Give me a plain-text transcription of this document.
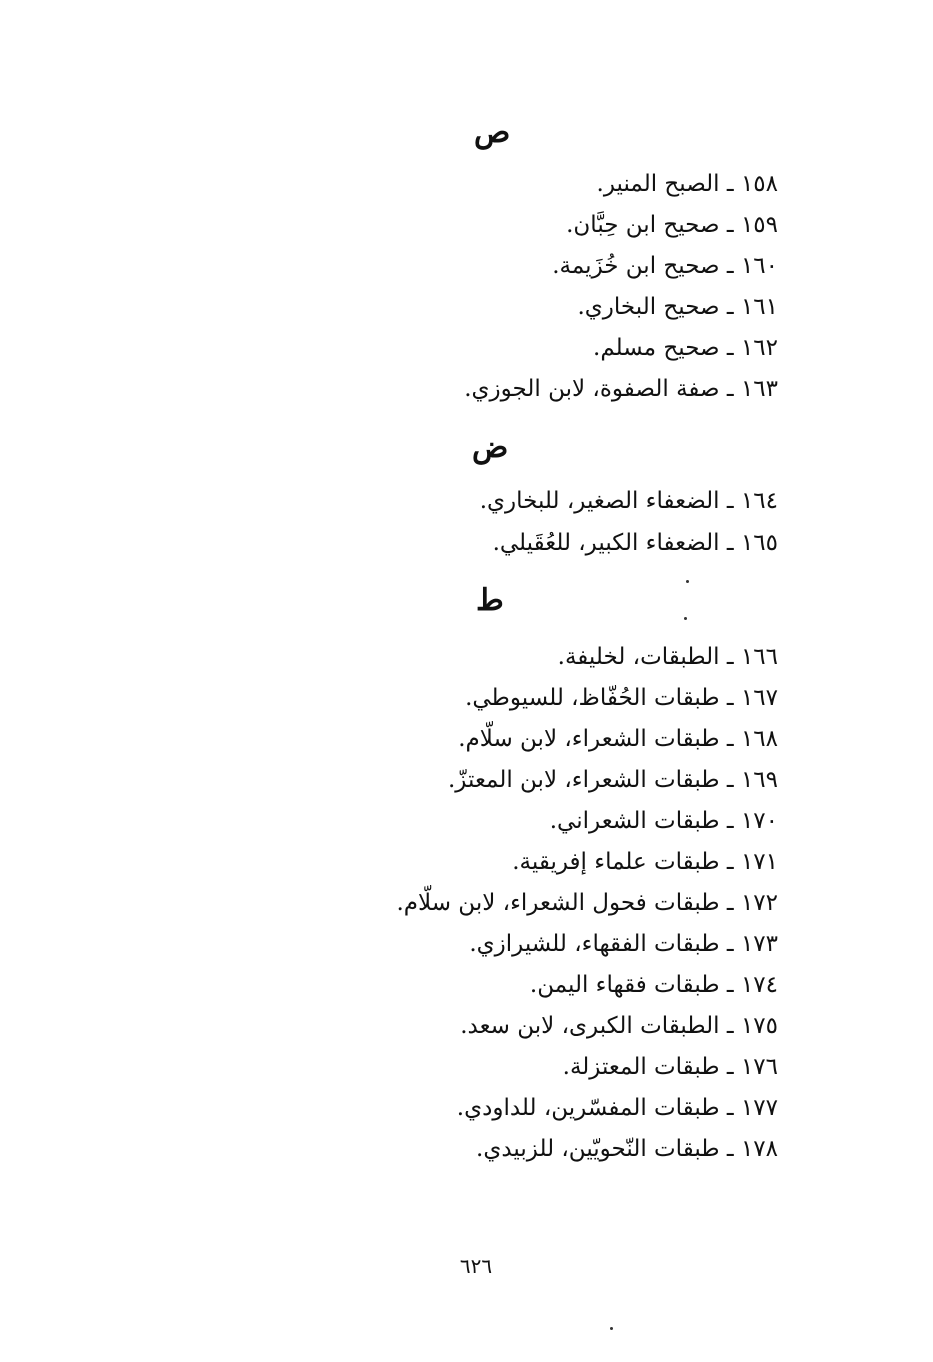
ص
١٥٨ ـ الصبح المنير.
١٥٩ ـ صحيح ابن حِبَّان.
١٦٠ ـ صحيح ابن خُزَيمة.
١٦١ ـ صحيح البخاري.
١٦٢ ـ صحيح مسلم.
١٦٣ ـ صفة الصفوة، لابن الجوزي.
ض
١٦٤ ـ الضعفاء الصغير، للبخاري.
١٦٥ ـ الضعفاء الكبير، للعُقَيلي.
ط
١٦٦ ـ الطبقات، لخليفة.
١٦٧ ـ طبقات الحُفّاظ، للسيوطي.
١٦٨ ـ طبقات الشعراء، لابن سلّام.
١٦٩ ـ طبقات الشعراء، لابن المعتزّ.
١٧٠ ـ طبقات الشعراني.
١٧١ ـ طبقات علماء إفريقية.
١٧٢ ـ طبقات فحول الشعراء، لابن سلّام.
١٧٣ ـ طبقات الفقهاء، للشيرازي.
١٧٤ ـ طبقات فقهاء اليمن.
١٧٥ ـ الطبقات الكبرى، لابن سعد.
١٧٦ ـ طبقات المعتزلة.
١٧٧ ـ طبقات المفسّرين، للداودي.
١٧٨ ـ طبقات النّحويّين، للزبيدي.
٦٢٦
